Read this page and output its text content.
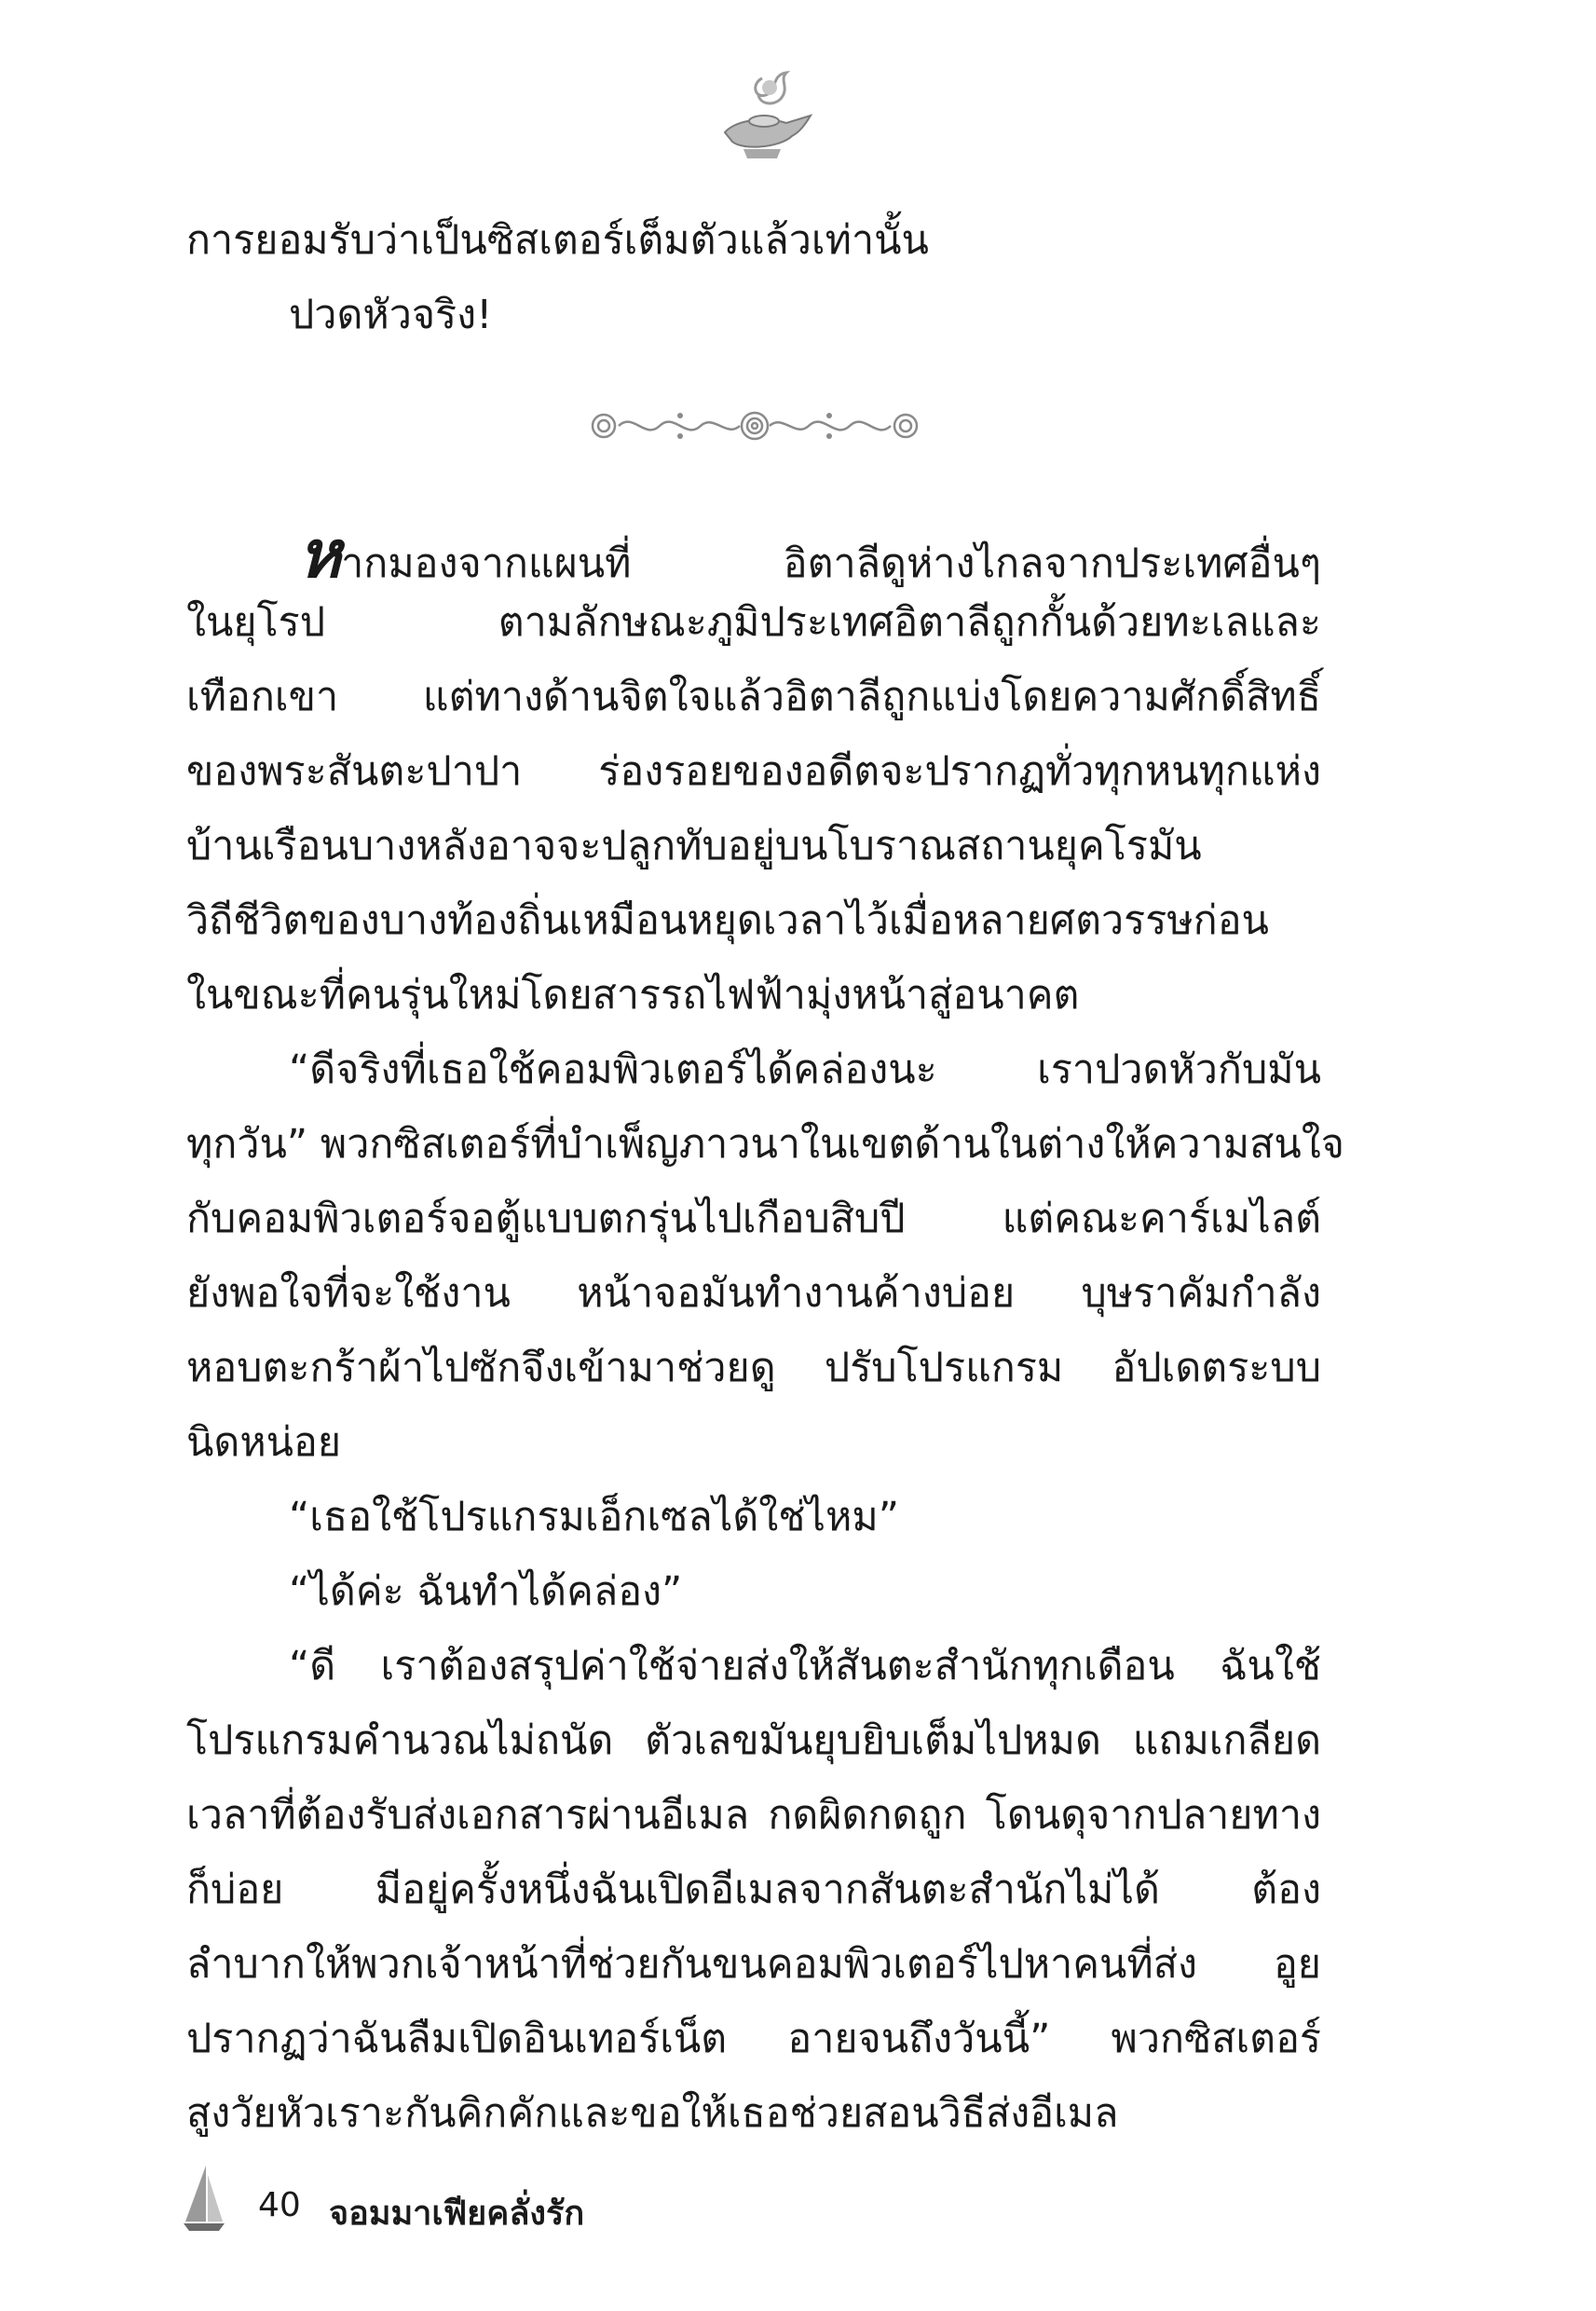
การยอมรับว่าเป็นซิสเตอร์เต็มตัวแล้วเท่านั้น
ปวดหัวจริง!
หากมองจากแผนที่ อิตาลีดูห่างไกลจากประเทศอื่นๆ
ในยุโรป ตามลักษณะภูมิประเทศอิตาลีถูกกั้นด้วยทะเลและ
เทือกเขา แต่ทางด้านจิตใจแล้วอิตาลีถูกแบ่งโดยความศักดิ์สิทธิ์
ของพระสันตะปาปา ร่องรอยของอดีตจะปรากฏทั่วทุกหนทุกแห่ง
บ้านเรือนบางหลังอาจจะปลูกทับอยู่บนโบราณสถานยุคโรมัน
วิถีชีวิตของบางท้องถิ่นเหมือนหยุดเวลาไว้เมื่อหลายศตวรรษก่อน
ในขณะที่คนรุ่นใหม่โดยสารรถไฟฟ้ามุ่งหน้าสู่อนาคต
“ดีจริงที่เธอใช้คอมพิวเตอร์ได้คล่องนะ เราปวดหัวกับมัน
ทุกวัน” พวกซิสเตอร์ที่บำเพ็ญภาวนาในเขตด้านในต่างให้ความสนใจ
กับคอมพิวเตอร์จอตู้แบบตกรุ่นไปเกือบสิบปี แต่คณะคาร์เมไลต์
ยังพอใจที่จะใช้งาน หน้าจอมันทำงานค้างบ่อย บุษราคัมกำลัง
หอบตะกร้าผ้าไปซักจึงเข้ามาช่วยดู ปรับโปรแกรม อัปเดตระบบ
นิดหน่อย
“เธอใช้โปรแกรมเอ็กเซลได้ใช่ไหม”
“ได้ค่ะ ฉันทำได้คล่อง”
“ดี เราต้องสรุปค่าใช้จ่ายส่งให้สันตะสำนักทุกเดือน ฉันใช้
โปรแกรมคำนวณไม่ถนัด ตัวเลขมันยุบยิบเต็มไปหมด แถมเกลียด
เวลาที่ต้องรับส่งเอกสารผ่านอีเมล กดผิดกดถูก โดนดุจากปลายทาง
ก็บ่อย มีอยู่ครั้งหนึ่งฉันเปิดอีเมลจากสันตะสำนักไม่ได้ ต้อง
ลำบากให้พวกเจ้าหน้าที่ช่วยกันขนคอมพิวเตอร์ไปหาคนที่ส่ง อูย
ปรากฏว่าฉันลืมเปิดอินเทอร์เน็ต อายจนถึงวันนี้” พวกซิสเตอร์
สูงวัยหัวเราะกันคิกคักและขอให้เธอช่วยสอนวิธีส่งอีเมล
40 จอมมาเฟียคลั่งรัก
